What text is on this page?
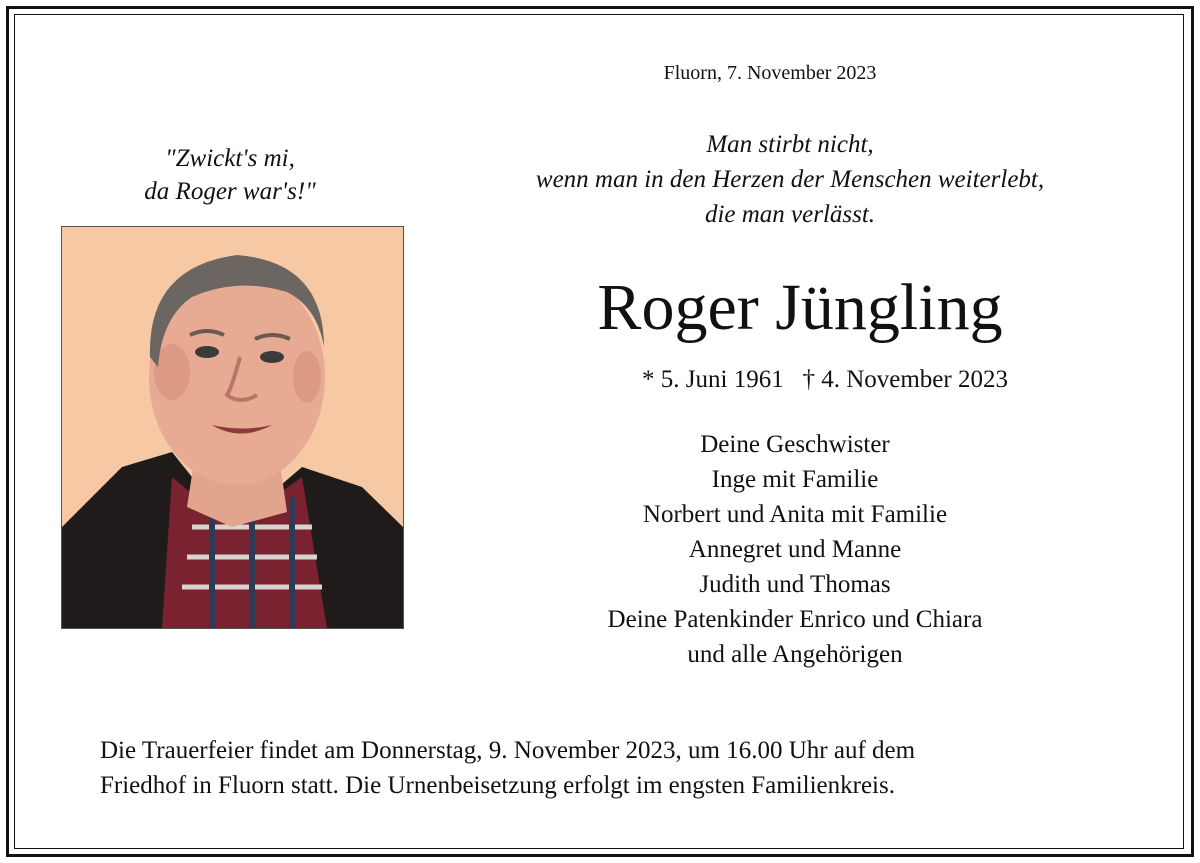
Fluorn, 7. November 2023
"Zwickt's mi,
da Roger war's!"
Man stirbt nicht,
wenn man in den Herzen der Menschen weiterlebt,
die man verlässt.
Roger Jüngling
* 5. Juni 1961   † 4. November 2023
Deine Geschwister
Inge mit Familie
Norbert und Anita mit Familie
Annegret und Manne
Judith und Thomas
Deine Patenkinder Enrico und Chiara
und alle Angehörigen
Die Trauerfeier findet am Donnerstag, 9. November 2023, um 16.00 Uhr auf dem
Friedhof in Fluorn statt. Die Urnenbeisetzung erfolgt im engsten Familienkreis.
